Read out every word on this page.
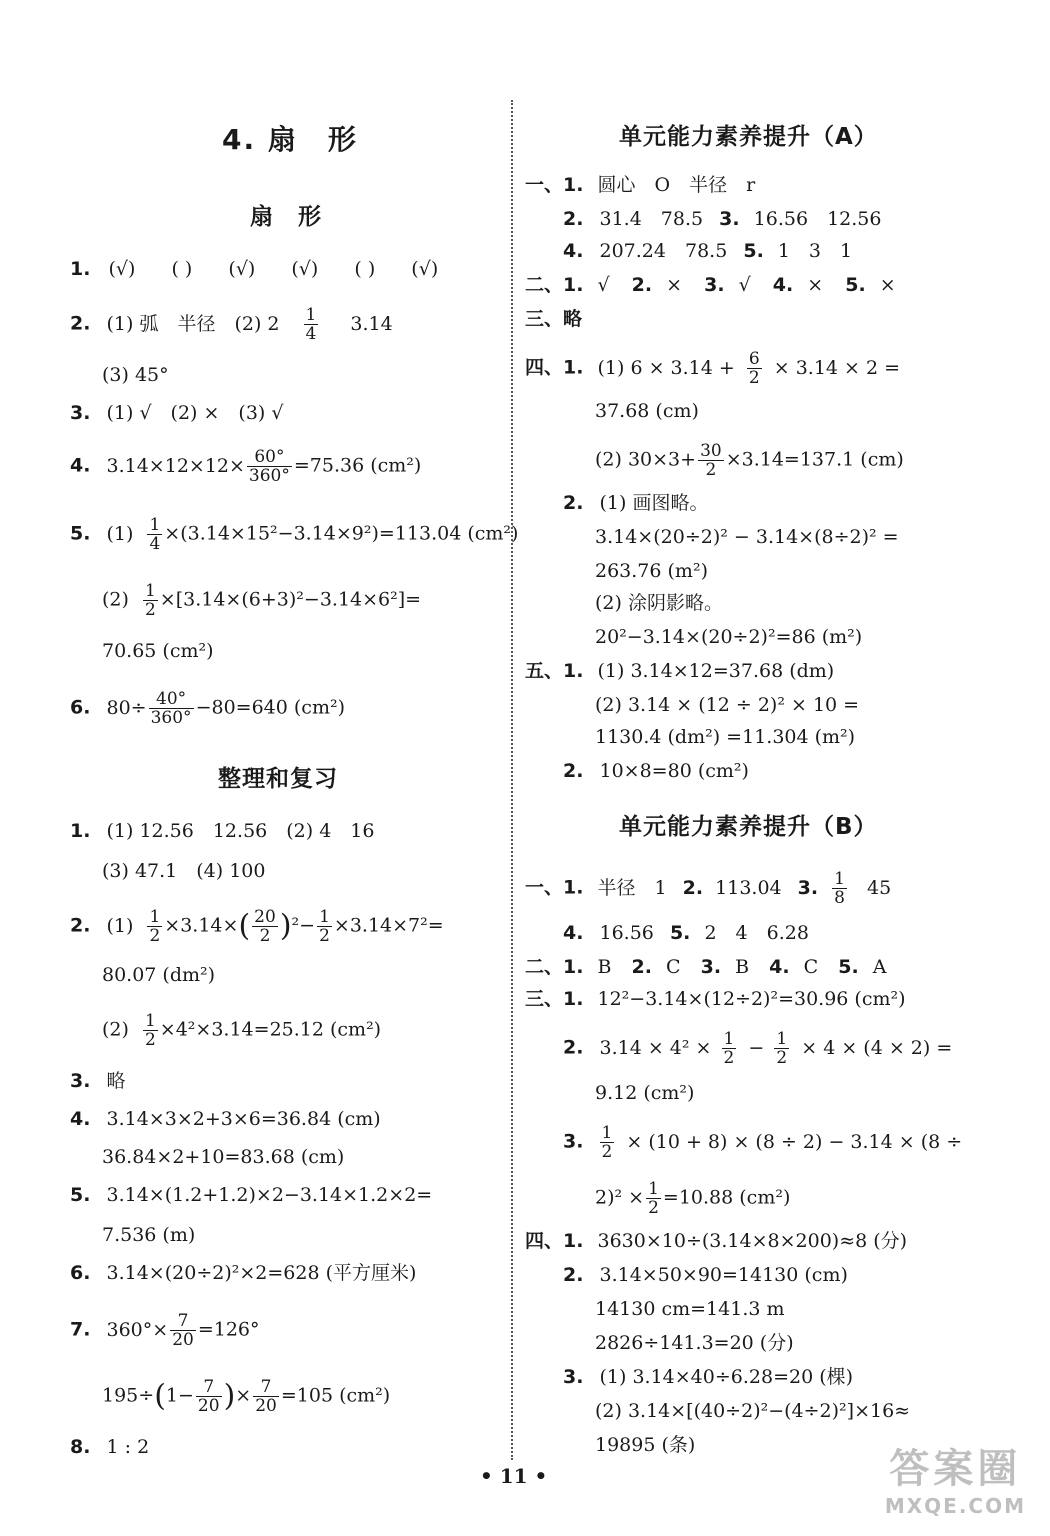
4. 扇　形
扇　形
1. (√) ( ) (√) (√) ( ) (√)
2. (1) 弧　半径　(2) $2 \frac{1}{4} 3.14$
(3) 45°
3. (1) √　(2) ×　(3) √
4. $3.14\times 12\times 12\times \frac{60^\circ}{360^\circ} =75.36$ (cm²)
5. $(1) \frac{1}{4} \times(3.14\times 15^2-3.14\times 9^2)=113.04$ (cm²)
$(2) \frac{1}{2} \times[3.14\times(6+3)^2-3.14\times 6^2]=$
70.65 (cm²)
6. $80\div \frac{40^\circ}{360^\circ} -80=640$ (cm²)
整理和复习
1. (1) 12.56　12.56　(2) 4　16
(3) 47.1　(4) 100
2. $(1) \frac{1}{2} \times 3.14\times( \frac{20}{2} )^2- \frac{1}{2} \times 3.14\times 7^2=$
80.07 (dm²)
$(2) \frac{1}{2} \times 4^2\times 3.14=25.12$ (cm²)
3. 略
4. 3.14×3×2+3×6=36.84 (cm)
36.84×2+10=83.68 (cm)
5. 3.14×(1.2+1.2)×2−3.14×1.2×2=
7.536 (m)
6. 3.14×(20÷2)²×2=628 (平方厘米)
7. $360^\circ\times \frac{7}{20} =126^\circ$
$195\div(1- \frac{7}{20}$ )× $\frac{7}{20} =105$ (cm²)
8. 1 : 2
单元能力素养提升（A）
一、1. 圆心　O　半径　r
2. 31.4　78.5 3. 16.56　12.56
4. 207.24　78.5 5. 1　3　1
二、1. √ 2. × 3. √ 4. × 5. ×
三、略
四、1. (1) $6 \times 3.14 + \frac{6}{2} \times 3.14 \times 2$ =
37.68 (cm)
(2) $30\times 3+ \frac{30}{2} \times 3.14=137.1$ (cm)
2. (1) 画图略。
3.14×(20÷2)² − 3.14×(8÷2)² =
263.76 (m²)
(2) 涂阴影略。
20²−3.14×(20÷2)²=86 (m²)
五、1. (1) 3.14×12=37.68 (dm)
(2) 3.14 × (12 ÷ 2)² × 10 =
1130.4 (dm²) =11.304 (m²)
2. 10×8=80 (cm²)
单元能力素养提升（B）
一、1. 半径　1 2. 113.04 3. $\frac{1}{8} 45$
4. 16.56 5. 2　4　6.28
二、1. B 2. C 3. B 4. C 5. A
三、1. 12²−3.14×(12÷2)²=30.96 (cm²)
2. $3.14 \times 4^2 \times \frac{1}{2} - \frac{1}{2} \times 4 \times (4 \times 2)$ =
9.12 (cm²)
3. $\frac{1}{2} \times (10 + 8) \times (8 \div 2) - 3.14 \times (8$ ÷
$2)^2 \times \frac{1}{2} =10.88$ (cm²)
四、1. 3630×10÷(3.14×8×200)≈8 (分)
2. 3.14×50×90=14130 (cm)
14130 cm=141.3 m
2826÷141.3=20 (分)
3. (1) 3.14×40÷6.28=20 (棵)
(2) 3.14×[(40÷2)²−(4÷2)²]×16≈
19895 (条)
• 11 •	答案圈
MXQE.COM
